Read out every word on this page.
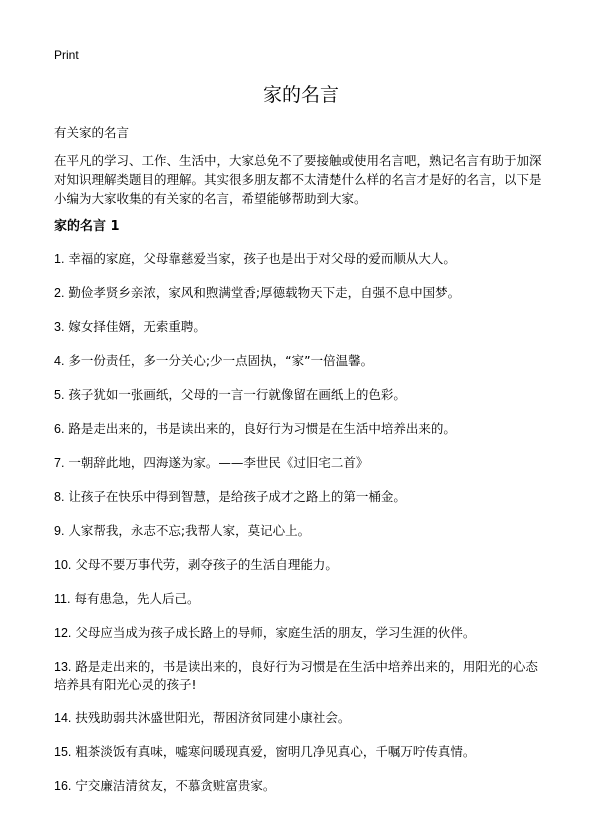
Print
家的名言
有关家的名言

在平凡的学习、工作、生活中，大家总免不了要接触或使用名言吧，熟记名言有助于加深对知识理解类题目的理解。其实很多朋友都不太清楚什么样的名言才是好的名言，以下是小编为大家收集的有关家的名言，希望能够帮助到大家。

家的名言 1
1. 幸福的家庭，父母靠慈爱当家，孩子也是出于对父母的爱而顺从大人。
2. 勤俭孝贤乡亲浓，家风和煦满堂香;厚德载物天下走，自强不息中国梦。
3. 嫁女择佳婿，无索重聘。
4. 多一份责任，多一分关心;少一点固执，“家”一倍温馨。
5. 孩子犹如一张画纸，父母的一言一行就像留在画纸上的色彩。
6. 路是走出来的，书是读出来的，良好行为习惯是在生活中培养出来的。
7. 一朝辞此地，四海遂为家。——李世民《过旧宅二首》
8. 让孩子在快乐中得到智慧，是给孩子成才之路上的第一桶金。
9. 人家帮我，永志不忘;我帮人家，莫记心上。
10. 父母不要万事代劳，剥夺孩子的生活自理能力。
11. 每有患急，先人后己。
12. 父母应当成为孩子成长路上的导师，家庭生活的朋友，学习生涯的伙伴。
13. 路是走出来的，书是读出来的，良好行为习惯是在生活中培养出来的，用阳光的心态培养具有阳光心灵的孩子!
14. 扶残助弱共沐盛世阳光，帮困济贫同建小康社会。
15. 粗茶淡饭有真味，嘘寒问暖现真爱，窗明几净见真心，千嘱万咛传真情。
16. 宁交廉洁清贫友，不慕贪赃富贵家。
